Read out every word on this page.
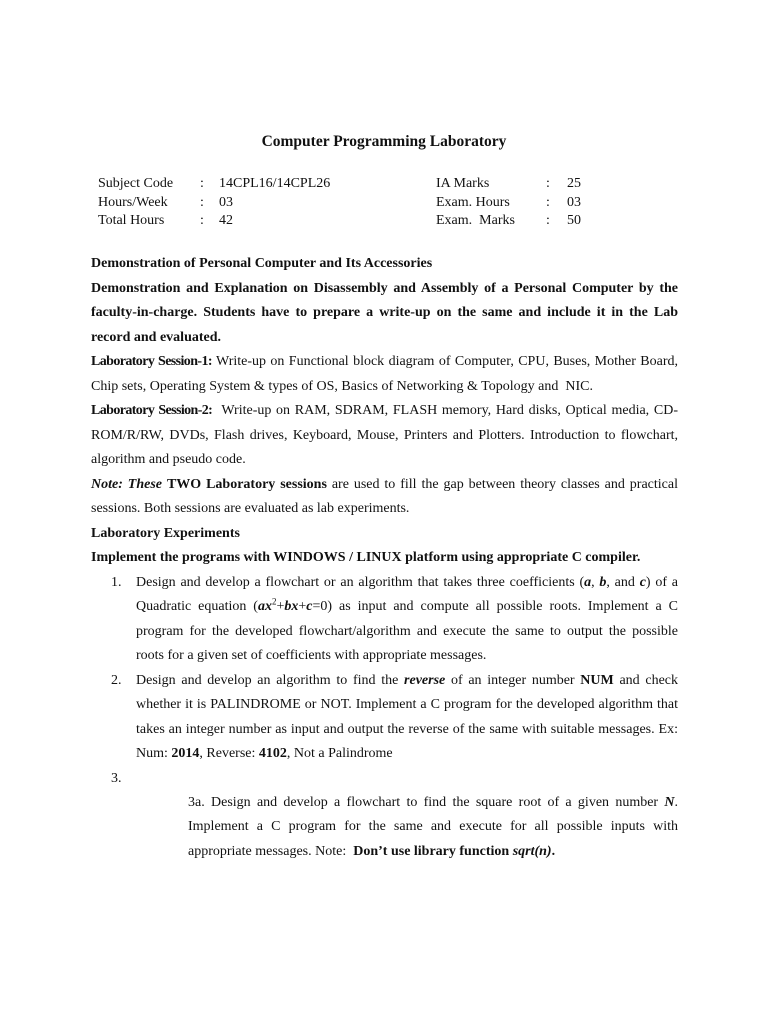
Computer Programming Laboratory
Subject Code	:	14CPL16/14CPL26
Hours/Week	:	03
Total Hours	:	42
IA Marks	:	25
Exam. Hours	:	03
Exam.  Marks	:	50

Demonstration of Personal Computer and Its Accessories

Demonstration and Explanation on Disassembly and Assembly of a Personal Computer by the faculty-in-charge. Students have to prepare a write-up on the same and include it in the Lab record and evaluated.

Laboratory Session-1: Write-up on Functional block diagram of Computer, CPU, Buses, Mother Board, Chip sets, Operating System & types of OS, Basics of Networking & Topology and  NIC.

Laboratory Session-2:  Write-up on RAM, SDRAM, FLASH memory, Hard disks, Optical media, CD-ROM/R/RW, DVDs, Flash drives, Keyboard, Mouse, Printers and Plotters. Introduction to flowchart, algorithm and pseudo code.

Note: These TWO Laboratory sessions are used to fill the gap between theory classes and practical sessions. Both sessions are evaluated as lab experiments.

Laboratory Experiments

Implement the programs with WINDOWS / LINUX platform using appropriate C compiler.

1. Design and develop a flowchart or an algorithm that takes three coefficients (a, b, and c) of a Quadratic equation $(ax^2+bx+c=0)$ as input and compute all possible roots. Implement a C program for the developed flowchart/algorithm and execute the same to output the possible roots for a given set of coefficients with appropriate messages.
2. Design and develop an algorithm to find the reverse of an integer number NUM and check whether it is PALINDROME or NOT. Implement a C program for the developed algorithm that takes an integer number as input and output the reverse of the same with suitable messages. Ex: Num: 2014, Reverse: 4102, Not a Palindrome
3.
3a. Design and develop a flowchart to find the square root of a given number N. Implement a C program for the same and execute for all possible inputs with appropriate messages. Note:  Don’t use library function sqrt(n).
